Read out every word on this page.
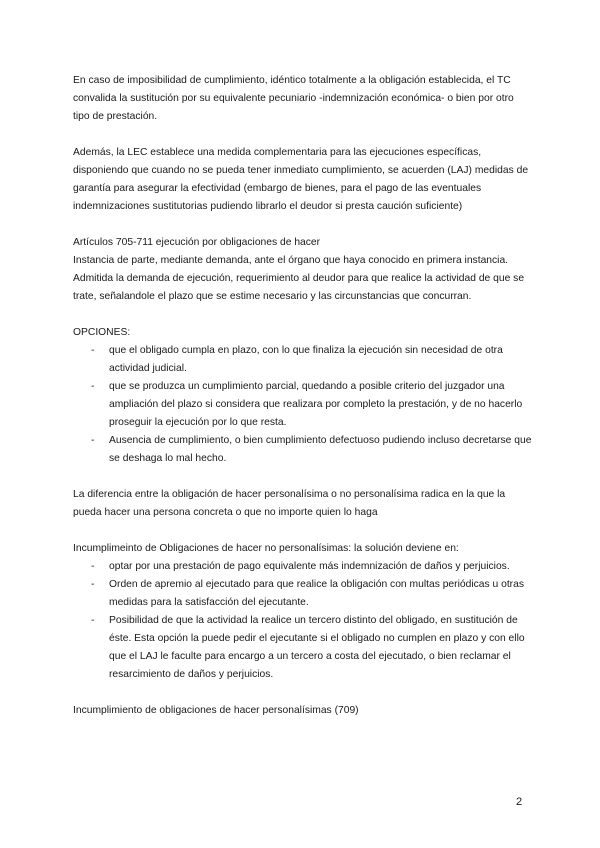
En caso de imposibilidad de cumplimiento, idéntico totalmente a la obligación establecida, el TC convalida la sustitución por su equivalente pecuniario -indemnización económica- o bien por otro tipo de prestación.

Además, la LEC establece una medida complementaria para las ejecuciones específicas, disponiendo que cuando no se pueda tener inmediato cumplimiento, se acuerden (LAJ) medidas de garantía para asegurar la efectividad (embargo de bienes, para el pago de las eventuales indemnizaciones sustitutorias pudiendo librarlo el deudor si presta caución suficiente)

Artículos 705-711 ejecución por obligaciones de hacer

Instancia de parte, mediante demanda, ante el órgano que haya conocido en primera instancia.

Admitida la demanda de ejecución, requerimiento al deudor para que realice la actividad de que se trate, señalandole el plazo que se estime necesario y las circunstancias que concurran.

OPCIONES:

- que el obligado cumpla en plazo, con lo que finaliza la ejecución sin necesidad de otra actividad judicial.
- que se produzca un cumplimiento parcial, quedando a posible criterio del juzgador una ampliación del plazo si considera que realizara por completo la prestación, y de no hacerlo proseguir la ejecución por lo que resta.
- Ausencia de cumplimiento, o bien cumplimiento defectuoso pudiendo incluso decretarse que se deshaga lo mal hecho.

La diferencia entre la obligación de hacer personalísima o no personalísima radica en la que la pueda hacer una persona concreta o que no importe quien lo haga

Incumplimeinto de Obligaciones de hacer no personalísimas: la solución deviene en:

- optar por una prestación de pago equivalente más indemnización de daños y perjuicios.
- Orden de apremio al ejecutado para que realice la obligación con multas periódicas u otras medidas para la satisfacción del ejecutante.
- Posibilidad de que la actividad la realice un tercero distinto del obligado, en sustitución de éste. Esta opción la puede pedir el ejecutante si el obligado no cumplen en plazo y con ello que el LAJ le faculte para encargo a un tercero a costa del ejecutado, o bien reclamar el resarcimiento de daños y perjuicios.

Incumplimiento de obligaciones de hacer personalísimas (709)

2
